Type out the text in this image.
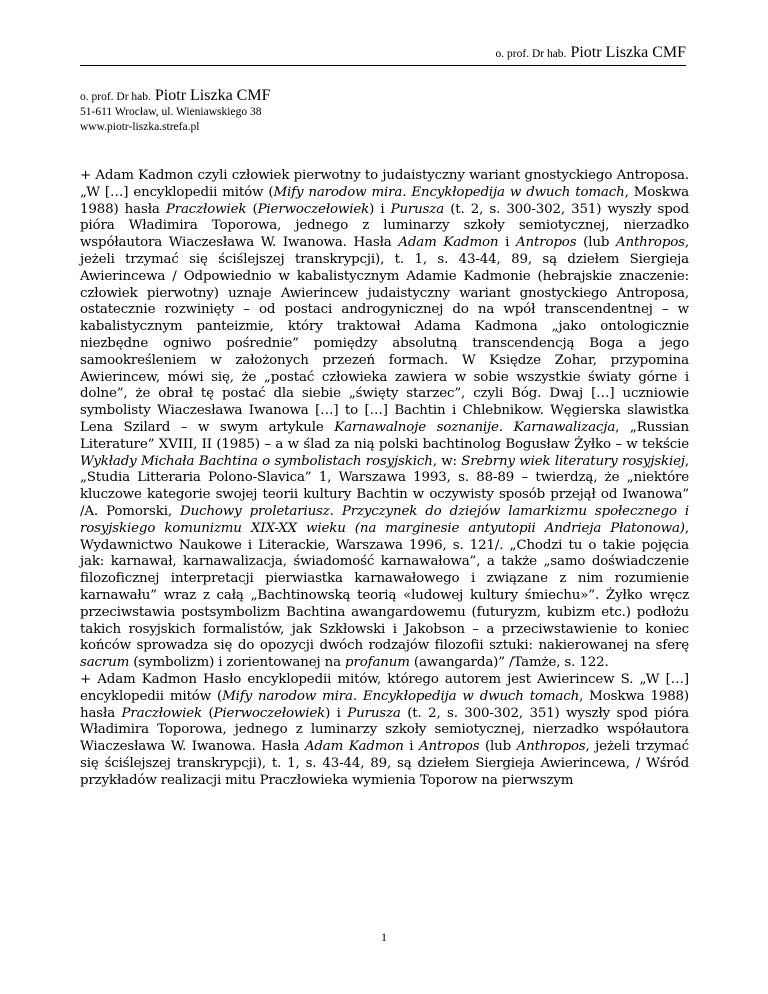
o. prof. Dr hab. Piotr Liszka CMF
o. prof. Dr hab. Piotr Liszka CMF
51-611 Wrocław, ul. Wieniawskiego 38
www.piotr-liszka.strefa.pl

+ Adam Kadmon czyli człowiek pierwotny to judaistyczny wariant gnostyckiego Antroposa. „W […] encyklopedii mitów (Mify narodow mira. Encykłopedija w dwuch tomach, Moskwa 1988) hasła Praczłowiek (Pierwoczełowiek) i Purusza (t. 2, s. 300-302, 351) wyszły spod pióra Władimira Toporowa, jednego z luminarzy szkoły semiotycznej, nierzadko współautora Wiaczesława W. Iwanowa. Hasła Adam Kadmon i Antropos (lub Anthropos, jeżeli trzymać się ściślejszej transkrypcji), t. 1, s. 43-44, 89, są dziełem Siergieja Awierincewa / Odpowiednio w kabalistycznym Adamie Kadmonie (hebrajskie znaczenie: człowiek pierwotny) uznaje Awierincew judaistyczny wariant gnostyckiego Antroposa, ostatecznie rozwinięty – od postaci androgynicznej do na wpół transcendentnej – w kabalistycznym panteizmie, który traktował Adama Kadmona „jako ontologicznie niezbędne ogniwo pośrednie” pomiędzy absolutną transcendencją Boga a jego samookreśleniem w założonych przezeń formach. W Księdze Zohar, przypomina Awierincew, mówi się, że „postać człowieka zawiera w sobie wszystkie światy górne i dolne”, że obrał tę postać dla siebie „święty starzec”, czyli Bóg. Dwaj […] uczniowie symbolisty Wiaczesława Iwanowa […] to […] Bachtin i Chlebnikow. Węgierska slawistka Lena Szilard – w swym artykule Karnawalnoje soznanije. Karnawalizacja, „Russian Literature” XVIII, II (1985) – a w ślad za nią polski bachtinolog Bogusław Żyłko – w tekście Wykłady Michała Bachtina o symbolistach rosyjskich, w: Srebrny wiek literatury rosyjskiej, „Studia Litteraria Polono-Slavica” 1, Warszawa 1993, s. 88-89 – twierdzą, że „niektóre kluczowe kategorie swojej teorii kultury Bachtin w oczywisty sposób przejął od Iwanowa” /A. Pomorski, Duchowy proletariusz. Przyczynek do dziejów lamarkizmu społecznego i rosyjskiego komunizmu XIX-XX wieku (na marginesie antyutopii Andrieja Płatonowa), Wydawnictwo Naukowe i Literackie, Warszawa 1996, s. 121/. „Chodzi tu o takie pojęcia jak: karnawał, karnawalizacja, świadomość karnawałowa”, a także „samo doświadczenie filozoficznej interpretacji pierwiastka karnawałowego i związane z nim rozumienie karnawału” wraz z całą „Bachtinowską teorią «ludowej kultury śmiechu»”. Żyłko wręcz przeciwstawia postsymbolizm Bachtina awangardowemu (futuryzm, kubizm etc.) podłożu takich rosyjskich formalistów, jak Szkłowski i Jakobson – a przeciwstawienie to koniec końców sprowadza się do opozycji dwóch rodzajów filozofii sztuki: nakierowanej na sferę sacrum (symbolizm) i zorientowanej na profanum (awangarda)” /Tamże, s. 122.

+ Adam Kadmon Hasło encyklopedii mitów, którego autorem jest Awierincew S. „W […] encyklopedii mitów (Mify narodow mira. Encykłopedija w dwuch tomach, Moskwa 1988) hasła Praczłowiek (Pierwoczełowiek) i Purusza (t. 2, s. 300-302, 351) wyszły spod pióra Władimira Toporowa, jednego z luminarzy szkoły semiotycznej, nierzadko współautora Wiaczesława W. Iwanowa. Hasła Adam Kadmon i Antropos (lub Anthropos, jeżeli trzymać się ściślejszej transkrypcji), t. 1, s. 43-44, 89, są dziełem Siergieja Awierincewa, / Wśród przykładów realizacji mitu Praczłowieka wymienia Toporow na pierwszym

1
